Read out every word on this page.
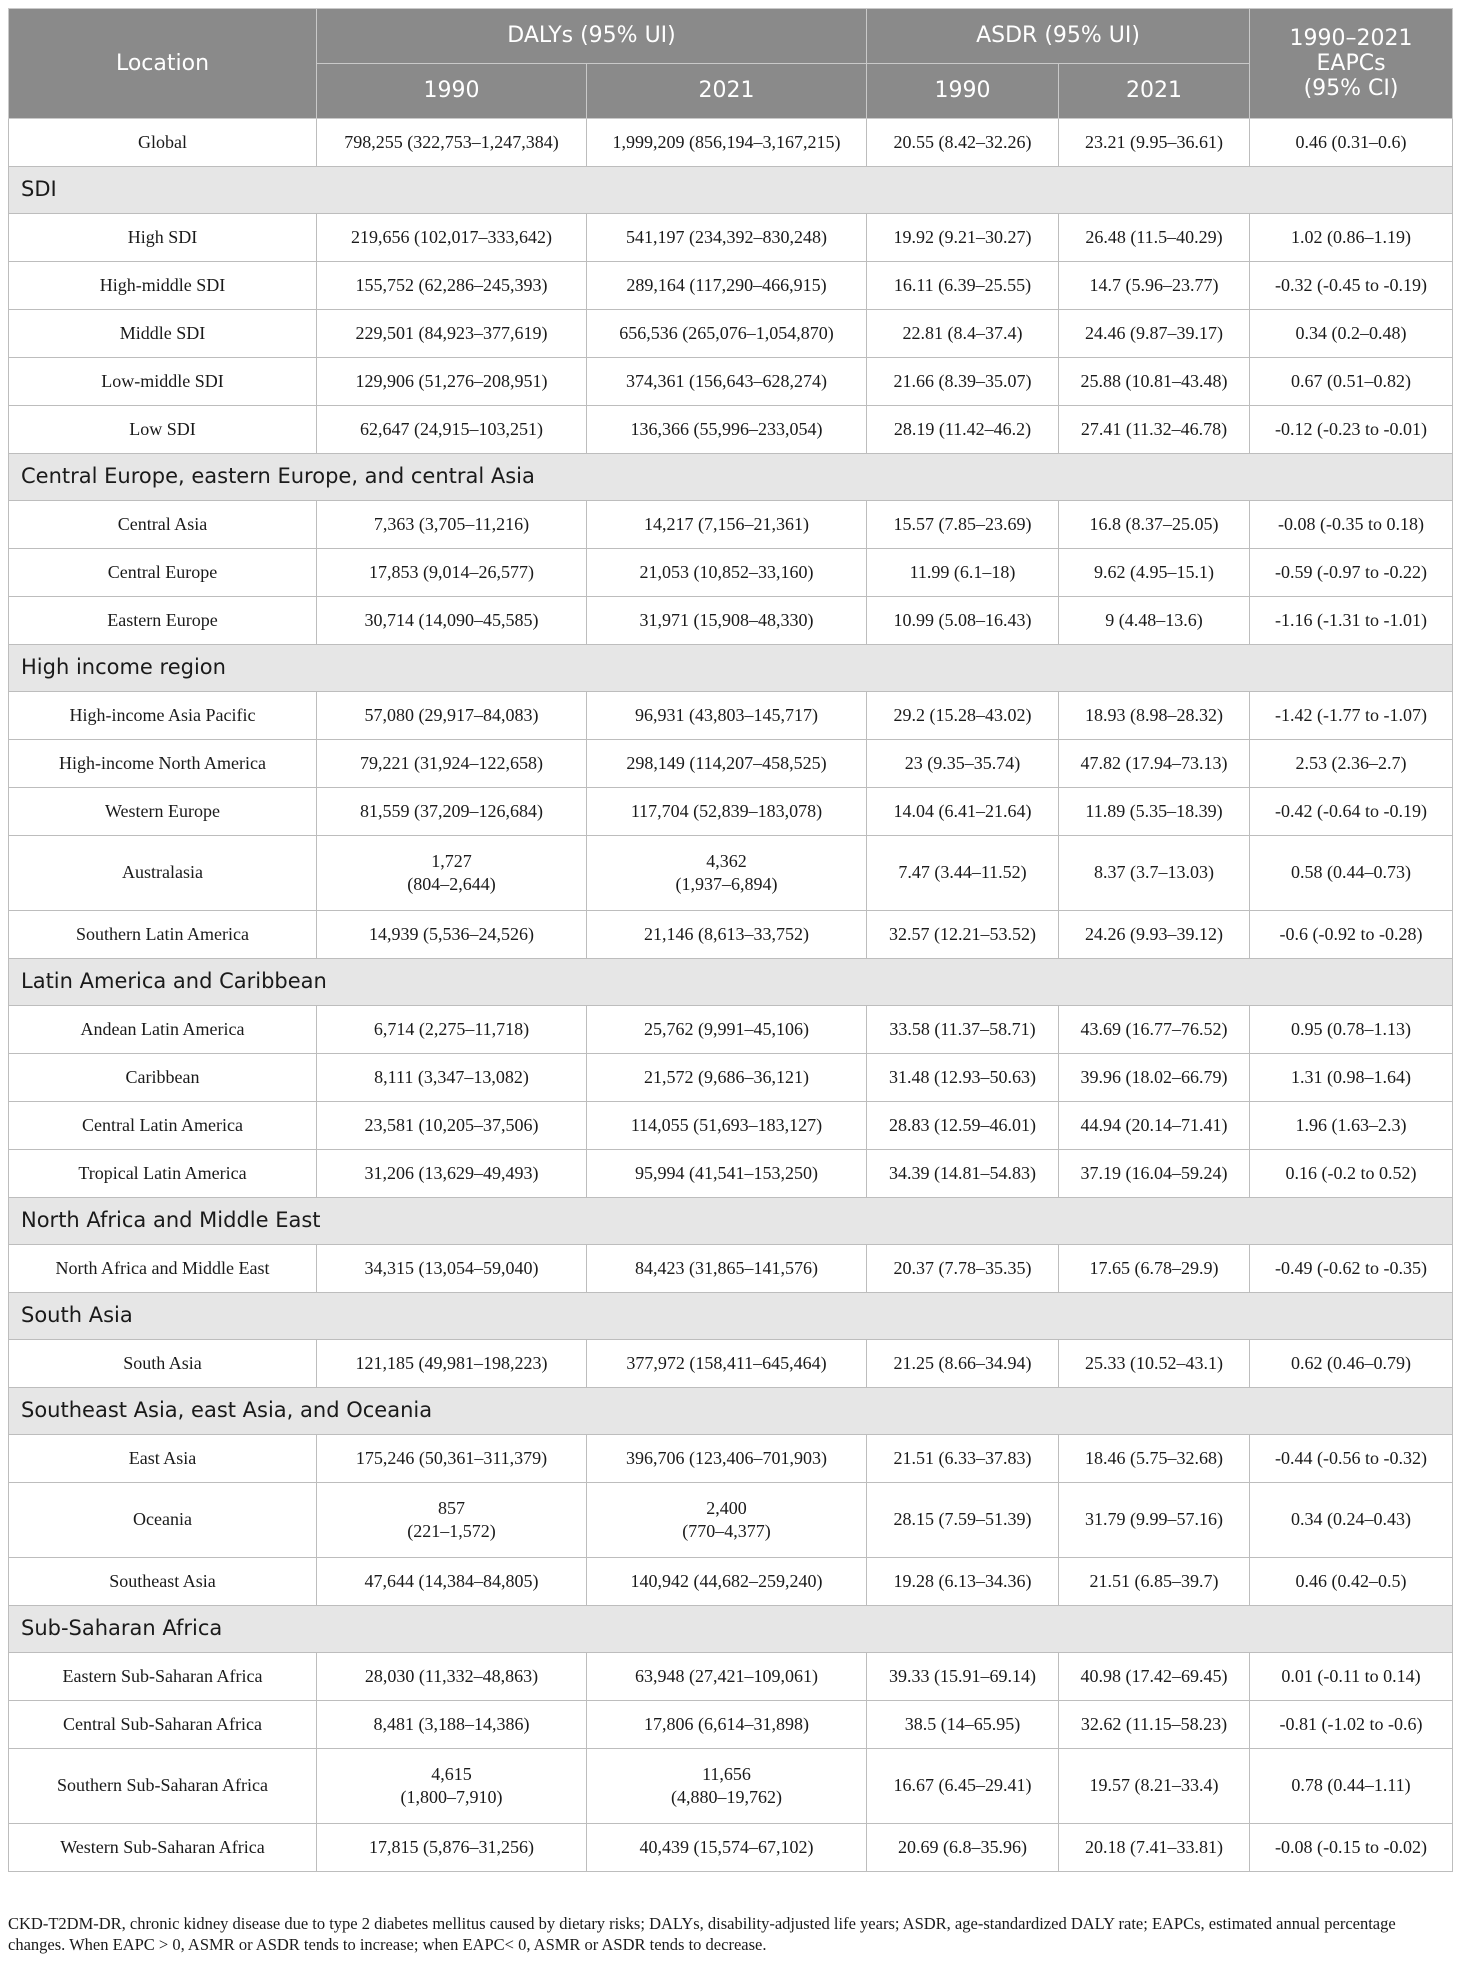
Location	DALYs (95% UI)		ASDR (95% UI)		1990–2021
EAPCs
(95% CI)

	1990	2021	1990	2021	
Global	798,255 (322,753–1,247,384)	1,999,209 (856,194–3,167,215)	20.55 (8.42–32.26)	23.21 (9.95–36.61)	0.46 (0.31–0.6)
SDI					
High SDI	219,656 (102,017–333,642)	541,197 (234,392–830,248)	19.92 (9.21–30.27)	26.48 (11.5–40.29)	1.02 (0.86–1.19)
High-middle SDI	155,752 (62,286–245,393)	289,164 (117,290–466,915)	16.11 (6.39–25.55)	14.7 (5.96–23.77)	-0.32 (-0.45 to -0.19)
Middle SDI	229,501 (84,923–377,619)	656,536 (265,076–1,054,870)	22.81 (8.4–37.4)	24.46 (9.87–39.17)	0.34 (0.2–0.48)
Low-middle SDI	129,906 (51,276–208,951)	374,361 (156,643–628,274)	21.66 (8.39–35.07)	25.88 (10.81–43.48)	0.67 (0.51–0.82)
Low SDI	62,647 (24,915–103,251)	136,366 (55,996–233,054)	28.19 (11.42–46.2)	27.41 (11.32–46.78)	-0.12 (-0.23 to -0.01)
Central Europe, eastern Europe, and central Asia					
Central Asia	7,363 (3,705–11,216)	14,217 (7,156–21,361)	15.57 (7.85–23.69)	16.8 (8.37–25.05)	-0.08 (-0.35 to 0.18)
Central Europe	17,853 (9,014–26,577)	21,053 (10,852–33,160)	11.99 (6.1–18)	9.62 (4.95–15.1)	-0.59 (-0.97 to -0.22)
Eastern Europe	30,714 (14,090–45,585)	31,971 (15,908–48,330)	10.99 (5.08–16.43)	9 (4.48–13.6)	-1.16 (-1.31 to -1.01)
High income region					
High-income Asia Pacific	57,080 (29,917–84,083)	96,931 (43,803–145,717)	29.2 (15.28–43.02)	18.93 (8.98–28.32)	-1.42 (-1.77 to -1.07)
High-income North America	79,221 (31,924–122,658)	298,149 (114,207–458,525)	23 (9.35–35.74)	47.82 (17.94–73.13)	2.53 (2.36–2.7)
Western Europe	81,559 (37,209–126,684)	117,704 (52,839–183,078)	14.04 (6.41–21.64)	11.89 (5.35–18.39)	-0.42 (-0.64 to -0.19)
Australasia	1,727
(804–2,644)	4,362
(1,937–6,894)	7.47 (3.44–11.52)	8.37 (3.7–13.03)	0.58 (0.44–0.73)
Southern Latin America	14,939 (5,536–24,526)	21,146 (8,613–33,752)	32.57 (12.21–53.52)	24.26 (9.93–39.12)	-0.6 (-0.92 to -0.28)
Latin America and Caribbean					
Andean Latin America	6,714 (2,275–11,718)	25,762 (9,991–45,106)	33.58 (11.37–58.71)	43.69 (16.77–76.52)	0.95 (0.78–1.13)
Caribbean	8,111 (3,347–13,082)	21,572 (9,686–36,121)	31.48 (12.93–50.63)	39.96 (18.02–66.79)	1.31 (0.98–1.64)
Central Latin America	23,581 (10,205–37,506)	114,055 (51,693–183,127)	28.83 (12.59–46.01)	44.94 (20.14–71.41)	1.96 (1.63–2.3)
Tropical Latin America	31,206 (13,629–49,493)	95,994 (41,541–153,250)	34.39 (14.81–54.83)	37.19 (16.04–59.24)	0.16 (-0.2 to 0.52)
North Africa and Middle East					
North Africa and Middle East	34,315 (13,054–59,040)	84,423 (31,865–141,576)	20.37 (7.78–35.35)	17.65 (6.78–29.9)	-0.49 (-0.62 to -0.35)
South Asia					
South Asia	121,185 (49,981–198,223)	377,972 (158,411–645,464)	21.25 (8.66–34.94)	25.33 (10.52–43.1)	0.62 (0.46–0.79)
Southeast Asia, east Asia, and Oceania					
East Asia	175,246 (50,361–311,379)	396,706 (123,406–701,903)	21.51 (6.33–37.83)	18.46 (5.75–32.68)	-0.44 (-0.56 to -0.32)
Oceania	857
(221–1,572)	2,400
(770–4,377)	28.15 (7.59–51.39)	31.79 (9.99–57.16)	0.34 (0.24–0.43)
Southeast Asia	47,644 (14,384–84,805)	140,942 (44,682–259,240)	19.28 (6.13–34.36)	21.51 (6.85–39.7)	0.46 (0.42–0.5)
Sub-Saharan Africa					
Eastern Sub-Saharan Africa	28,030 (11,332–48,863)	63,948 (27,421–109,061)	39.33 (15.91–69.14)	40.98 (17.42–69.45)	0.01 (-0.11 to 0.14)
Central Sub-Saharan Africa	8,481 (3,188–14,386)	17,806 (6,614–31,898)	38.5 (14–65.95)	32.62 (11.15–58.23)	-0.81 (-1.02 to -0.6)
Southern Sub-Saharan Africa	4,615
(1,800–7,910)	11,656
(4,880–19,762)	16.67 (6.45–29.41)	19.57 (8.21–33.4)	0.78 (0.44–1.11)
Western Sub-Saharan Africa	17,815 (5,876–31,256)	40,439 (15,574–67,102)	20.69 (6.8–35.96)	20.18 (7.41–33.81)	-0.08 (-0.15 to -0.02)
CKD-T2DM-DR, chronic kidney disease due to type 2 diabetes mellitus caused by dietary risks; DALYs, disability-adjusted life years; ASDR, age-standardized DALY rate; EAPCs, estimated annual percentage changes. When EAPC > 0, ASMR or ASDR tends to increase; when EAPC< 0, ASMR or ASDR tends to decrease.
